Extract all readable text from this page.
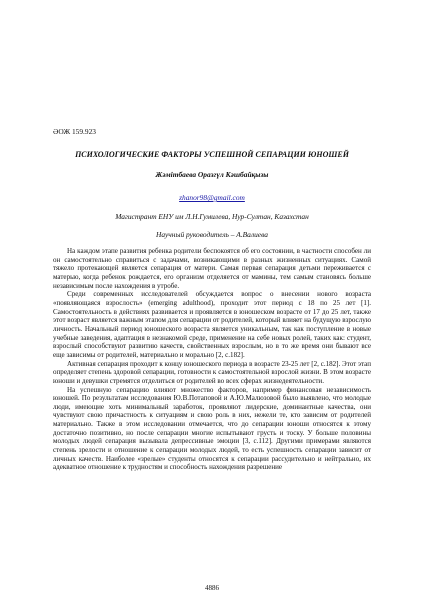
ӘОЖ 159.923
ПСИХОЛОГИЧЕСКИЕ ФАКТОРЫ УСПЕШНОЙ СЕПАРАЦИИ ЮНОШЕЙ
Жәмітбаева Оразгүл Кәшбайқызы
zhanor98@gmail.com
Магистрант ЕНУ им Л.Н.Гумилева, Нур-Султан, Казахстан
Научный руководитель – А.Валиева

На каждом этапе развития ребенка родители беспокоятся об его состоянии, в частности способен ли он самостоятельно справиться с задачами, возникающими в разных жизненных ситуациях. Самой тяжело протекающей является сепарация от матери. Самая первая сепарация детьми переживается с матерью, когда ребенок рождается, его организм отделяется от мамины, тем самым становясь больше независимым после нахождения в утробе.

Среди современных исследователей обсуждается вопрос о внесении нового возраста «появляющаяся взрослость» (emerging adulthood), проходит этот период с 18 по 25 лет [1]. Самостоятельность в действиях развивается и проявляется в юношеском возрасте от 17 до 25 лет, также этот возраст является важным этапом для сепарации от родителей, который влияет на будущую взрослую личность. Начальный период юношеского возраста является уникальным, так как поступление в новые учебные заведения, адаптация в незнакомой среде, применение на себе новых ролей, таких как: студент, взрослый способствуют развитию качеств, свойственных взрослым, но в то же время они бывают все еще зависимы от родителей, материально и морально [2, с.182].

Активная сепарация проходит к концу юношеского периода в возрасте 23-25 лет [2, с.182]. Этот этап определяет степень здоровой сепарации, готовности к самостоятельной взрослой жизни. В этом возрасте юноши и девушки стремятся отделиться от родителей во всех сферах жизнедеятельности.

На успешную сепарацию влияют множество факторов, например финансовая независимость юношей. По результатам исследования Ю.В.Потаповой и А.Ю.Малюзовой было выявлено, что молодые люди, имеющие хоть минимальный заработок, проявляют лидерские, доминантные качества, они чувствуют свою причастность к ситуациям и свою роль в них, нежели те, кто зависим от родителей материально. Также в этом исследовании отмечается, что до сепарации юноши относятся к этому достаточно позитивно, но после сепарации многие испытывают грусть и тоску. У больше половины молодых людей сепарация вызывала депрессивные эмоции [3, с.112]. Другими примерами являются степень зрелости и отношение к сепарации молодых людей, то есть успешность сепарации зависит от личных качеств. Наиболее «зрелые» студенты относятся к сепарации рассудительно и нейтрально, их адекватное отношение к трудностям и способность нахождения разрешение

4886
